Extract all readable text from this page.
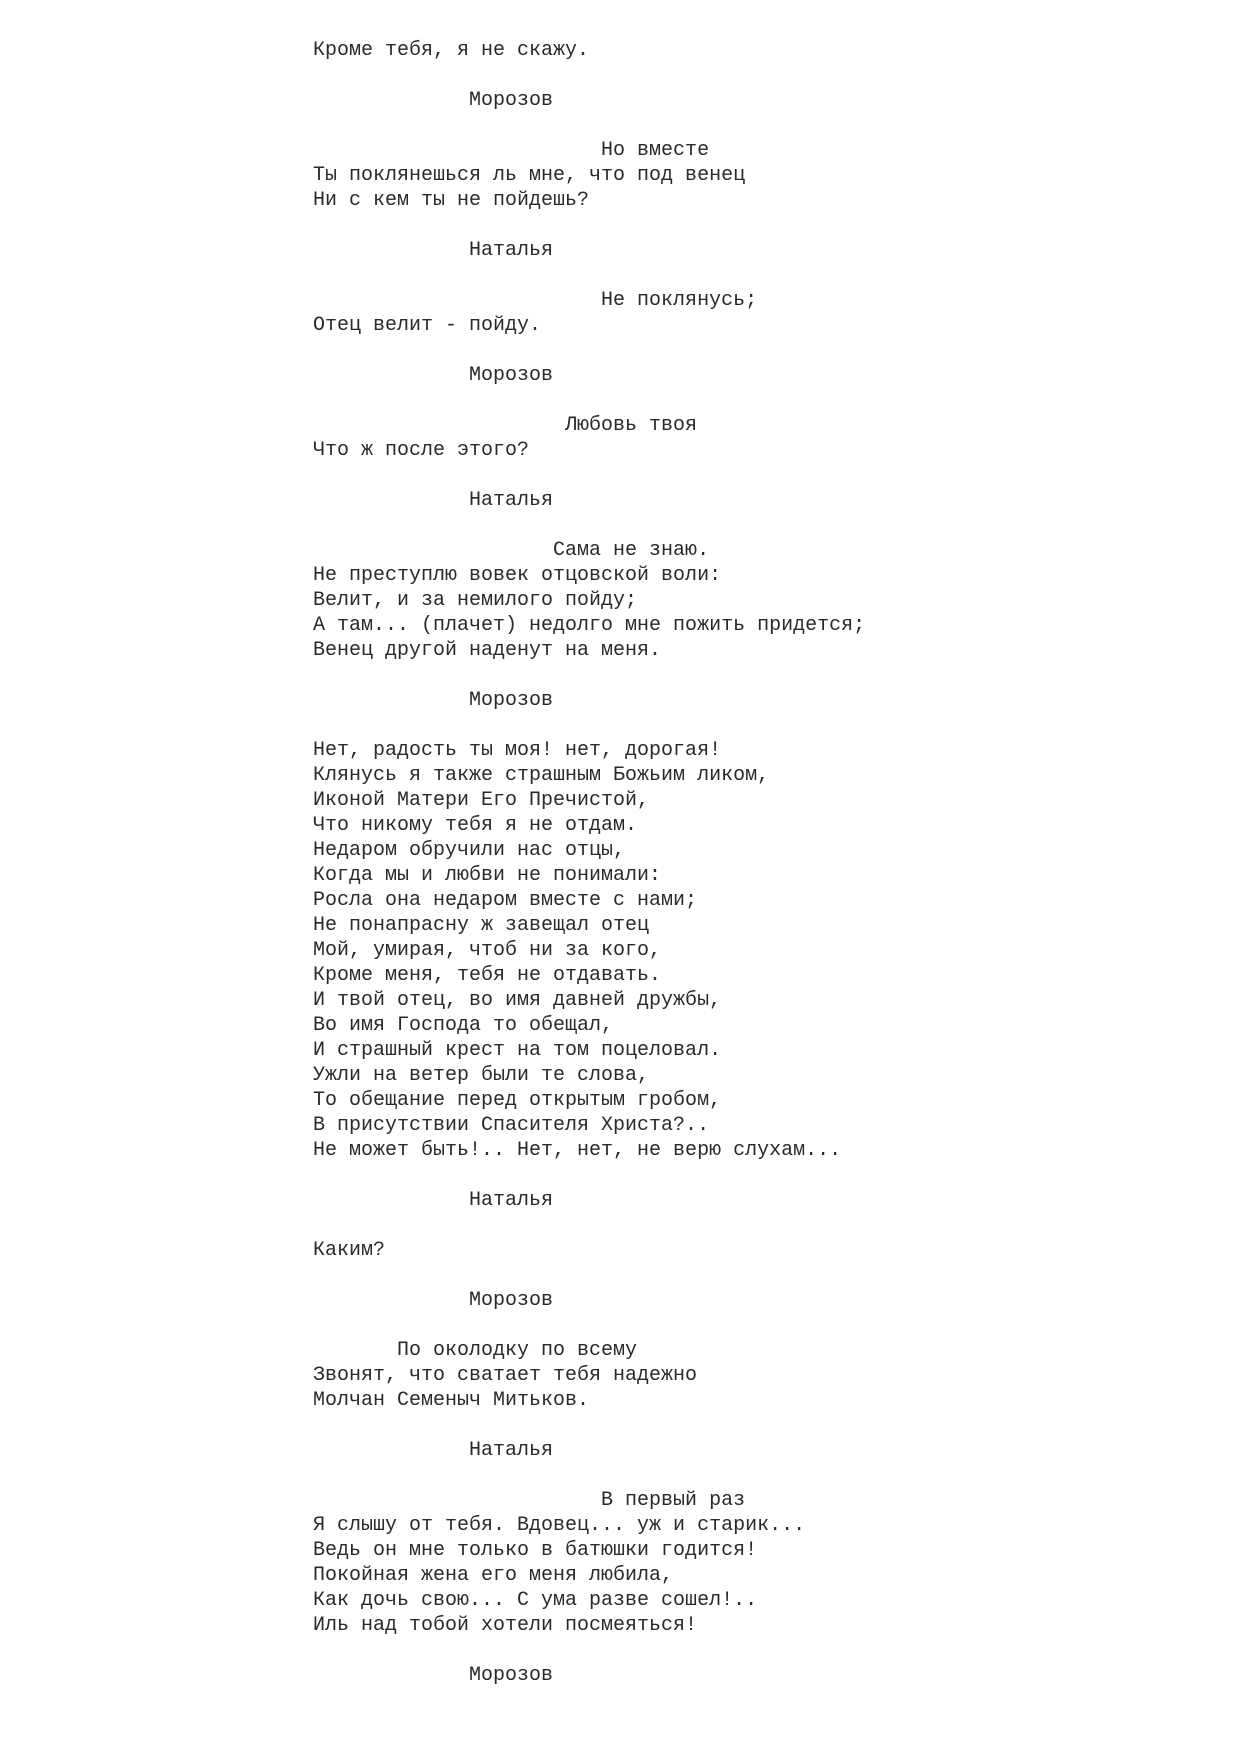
Кроме тебя, я не скажу.
Морозов
Но вместе
Ты поклянешься ль мне, что под венец
Ни с кем ты не пойдешь?
Наталья
Не поклянусь;
Отец велит - пойду.
Морозов
Любовь твоя
Что ж после этого?
Наталья
Сама не знаю.
Не преступлю вовек отцовской воли:
Велит, и за немилого пойду;
А там... (плачет) недолго мне пожить придется;
Венец другой наденут на меня.
Морозов
Нет, радость ты моя! нет, дорогая!
Клянусь я также страшным Божьим ликом,
Иконой Матери Его Пречистой,
Что никому тебя я не отдам.
Недаром обручили нас отцы,
Когда мы и любви не понимали:
Росла она недаром вместе с нами;
Не понапрасну ж завещал отец
Мой, умирая, чтоб ни за кого,
Кроме меня, тебя не отдавать.
И твой отец, во имя давней дружбы,
Во имя Господа то обещал,
И страшный крест на том поцеловал.
Ужли на ветер были те слова,
То обещание перед открытым гробом,
В присутствии Спасителя Христа?..
Не может быть!.. Нет, нет, не верю слухам...
Наталья
Каким?
Морозов
По околодку по всему
Звонят, что сватает тебя надежно
Молчан Семеныч Митьков.
Наталья
В первый раз
Я слышу от тебя. Вдовец... уж и старик...
Ведь он мне только в батюшки годится!
Покойная жена его меня любила,
Как дочь свою... С ума разве сошел!..
Иль над тобой хотели посмеяться!
Морозов
